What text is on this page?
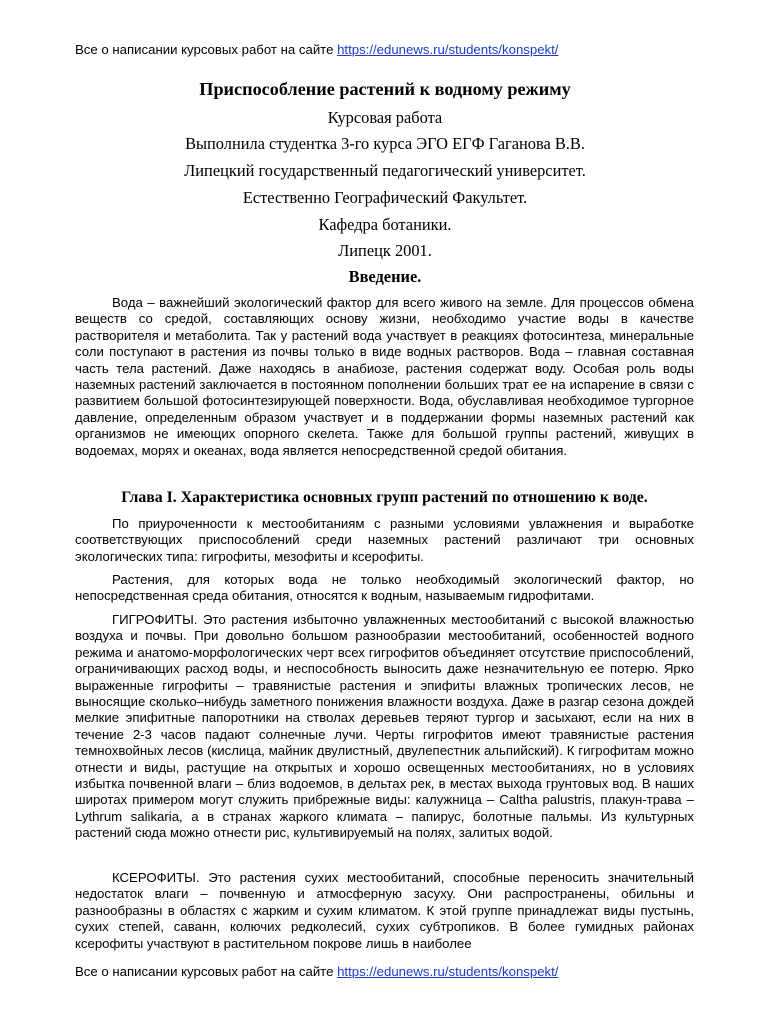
Все о написании курсовых работ на сайте https://edunews.ru/students/konspekt/
Приспособление растений к водному режиму
Курсовая работа
Выполнила студентка 3-го курса ЭГО ЕГФ Гаганова В.В.
Липецкий государственный педагогический университет.
Естественно Географический Факультет.
Кафедра ботаники.
Липецк 2001.
Введение.

Вода – важнейший экологический фактор для всего живого на земле. Для процессов обмена веществ со средой, составляющих основу жизни, необходимо участие воды в качестве растворителя и метаболита. Так у растений вода участвует в реакциях фотосинтеза, минеральные соли поступают в растения из почвы только в виде водных растворов. Вода – главная составная часть тела растений. Даже находясь в анабиозе, растения содержат воду. Особая роль воды наземных растений заключается в постоянном пополнении больших трат ее на испарение в связи с развитием большой фотосинтезирующей поверхности. Вода, обуславливая необходимое тургорное давление, определенным образом участвует и в поддержании формы наземных растений как организмов не имеющих опорного скелета. Также для большой группы растений, живущих в водоемах, морях и океанах, вода является непосредственной средой обитания.

Глава I. Характеристика основных групп растений по отношению к воде.

По приуроченности к местообитаниям с разными условиями увлажнения и выработке соответствующих приспособлений среди наземных растений различают три основных экологических типа: гигрофиты, мезофиты и ксерофиты.

Растения, для которых вода не только необходимый экологический фактор, но непосредственная среда обитания, относятся к водным, называемым гидрофитами.

ГИГРОФИТЫ. Это растения избыточно увлажненных местообитаний с высокой влажностью воздуха и почвы. При довольно большом разнообразии местообитаний, особенностей водного режима и анатомо-морфологических черт всех гигрофитов объединяет отсутствие приспособлений, ограничивающих расход воды, и неспособность выносить даже незначительную ее потерю. Ярко выраженные гигрофиты – травянистые растения и эпифиты влажных тропических лесов, не выносящие сколько–нибудь заметного понижения влажности воздуха. Даже в разгар сезона дождей мелкие эпифитные папоротники на стволах деревьев теряют тургор и засыхают, если на них в течение 2-3 часов падают солнечные лучи. Черты гигрофитов имеют травянистые растения темнохвойных лесов (кислица, майник двулистный, двулепестник альпийский). К гигрофитам можно отнести и виды, растущие на открытых и хорошо освещенных местообитаниях, но в условиях избытка почвенной влаги – близ водоемов, в дельтах рек, в местах выхода грунтовых вод. В наших широтах примером могут служить прибрежные виды: калужница – Caltha palustris, плакун-трава – Lythrum salikaria, а в странах жаркого климата – папирус, болотные пальмы. Из культурных растений сюда можно отнести рис, культивируемый на полях, залитых водой.

КСЕРОФИТЫ. Это растения сухих местообитаний, способные переносить значительный недостаток влаги – почвенную и атмосферную засуху. Они распространены, обильны и разнообразны в областях с жарким и сухим климатом. К этой группе принадлежат виды пустынь, сухих степей, саванн, колючих редколесий, сухих субтропиков. В более гумидных районах ксерофиты участвуют в растительном покрове лишь в наиболее

Все о написании курсовых работ на сайте https://edunews.ru/students/konspekt/
